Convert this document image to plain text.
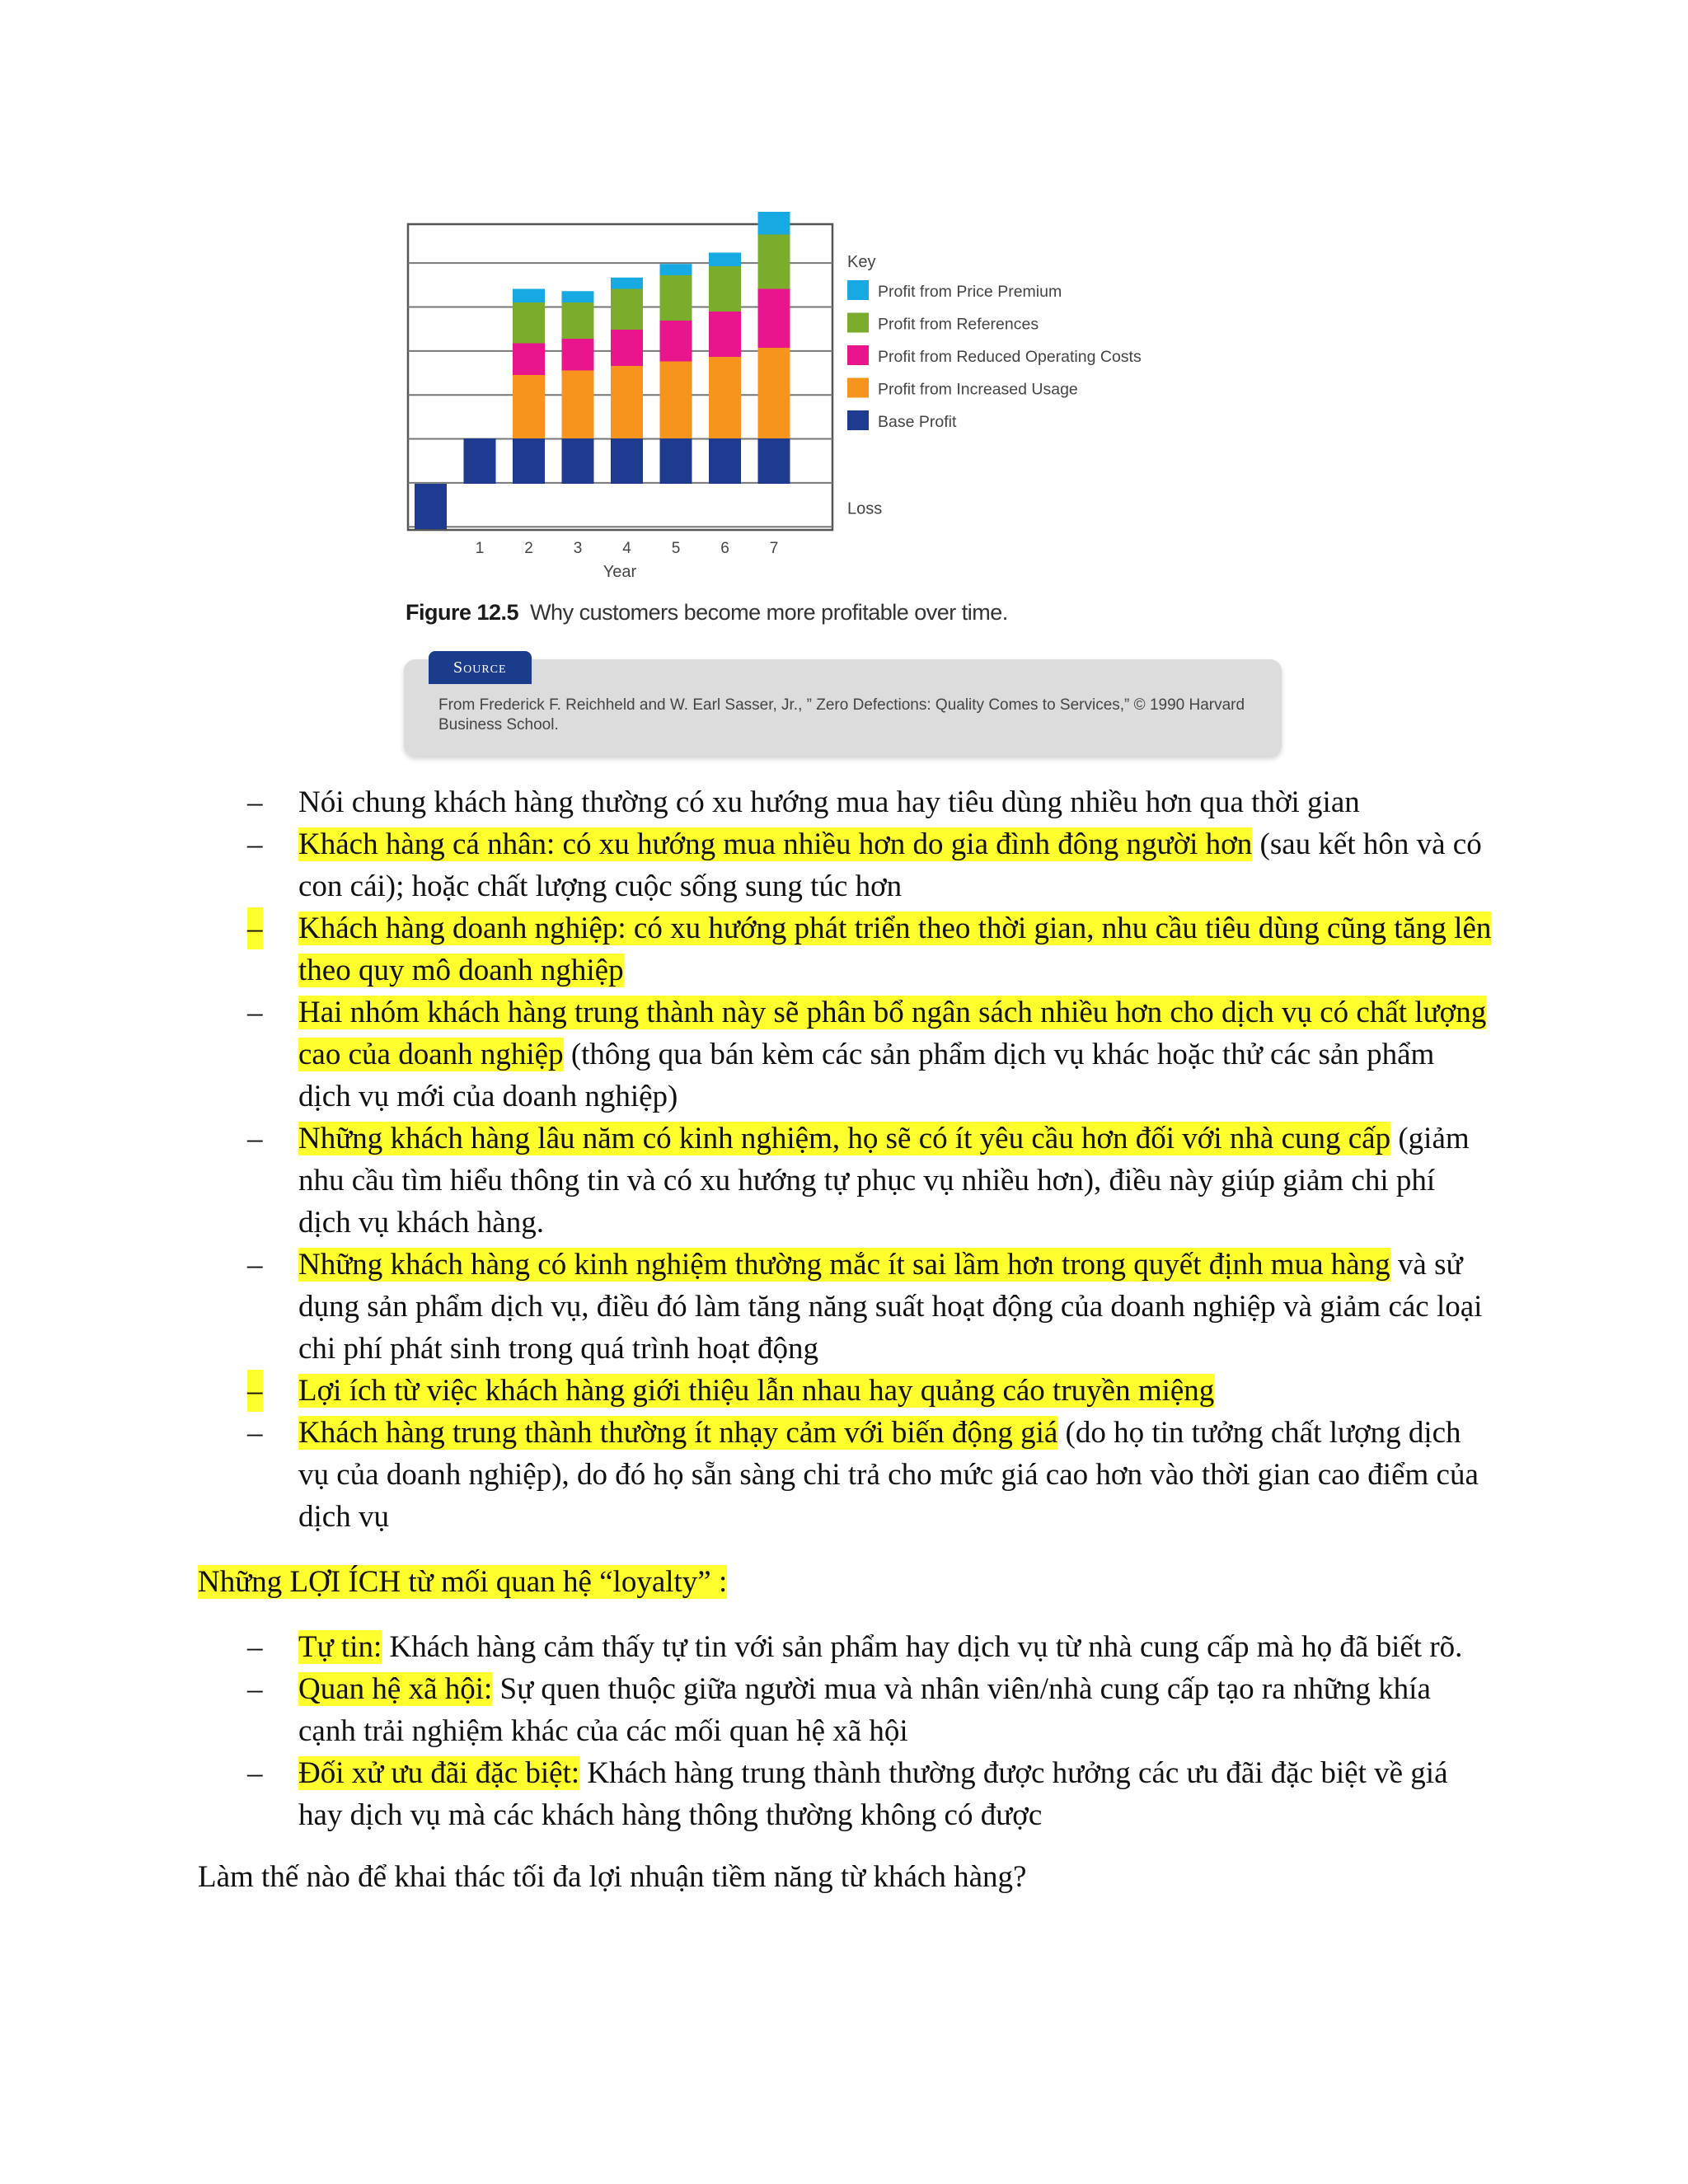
1	2	3	4	5	6	7
Year
Key
Profit from Price Premium
Profit from References
Profit from Reduced Operating Costs
Profit from Increased Usage
Base Profit
Loss
Figure 12.5 Why customers become more profitable over time.
Source
From Frederick F. Reichheld and W. Earl Sasser, Jr., ” Zero Defections: Quality Comes to Services,” © 1990 Harvard Business School.
– Nói chung khách hàng thường có xu hướng mua hay tiêu dùng nhiều hơn qua thời gian
– Khách hàng cá nhân: có xu hướng mua nhiều hơn do gia đình đông người hơn (sau kết hôn và có con cái); hoặc chất lượng cuộc sống sung túc hơn
– Khách hàng doanh nghiệp: có xu hướng phát triển theo thời gian, nhu cầu tiêu dùng cũng tăng lên theo quy mô doanh nghiệp
– Hai nhóm khách hàng trung thành này sẽ phân bổ ngân sách nhiều hơn cho dịch vụ có chất lượng cao của doanh nghiệp (thông qua bán kèm các sản phẩm dịch vụ khác hoặc thử các sản phẩm dịch vụ mới của doanh nghiệp)
– Những khách hàng lâu năm có kinh nghiệm, họ sẽ có ít yêu cầu hơn đối với nhà cung cấp (giảm nhu cầu tìm hiểu thông tin và có xu hướng tự phục vụ nhiều hơn), điều này giúp giảm chi phí dịch vụ khách hàng.
– Những khách hàng có kinh nghiệm thường mắc ít sai lầm hơn trong quyết định mua hàng và sử dụng sản phẩm dịch vụ, điều đó làm tăng năng suất hoạt động của doanh nghiệp và giảm các loại chi phí phát sinh trong quá trình hoạt động
– Lợi ích từ việc khách hàng giới thiệu lẫn nhau hay quảng cáo truyền miệng
– Khách hàng trung thành thường ít nhạy cảm với biến động giá (do họ tin tưởng chất lượng dịch vụ của doanh nghiệp), do đó họ sẵn sàng chi trả cho mức giá cao hơn vào thời gian cao điểm của dịch vụ

Những LỢI ÍCH từ mối quan hệ “loyalty” :

– Tự tin: Khách hàng cảm thấy tự tin với sản phẩm hay dịch vụ từ nhà cung cấp mà họ đã biết rõ.
– Quan hệ xã hội: Sự quen thuộc giữa người mua và nhân viên/nhà cung cấp tạo ra những khía cạnh trải nghiệm khác của các mối quan hệ xã hội
– Đối xử ưu đãi đặc biệt: Khách hàng trung thành thường được hưởng các ưu đãi đặc biệt về giá hay dịch vụ mà các khách hàng thông thường không có được

Làm thế nào để khai thác tối đa lợi nhuận tiềm năng từ khách hàng?
